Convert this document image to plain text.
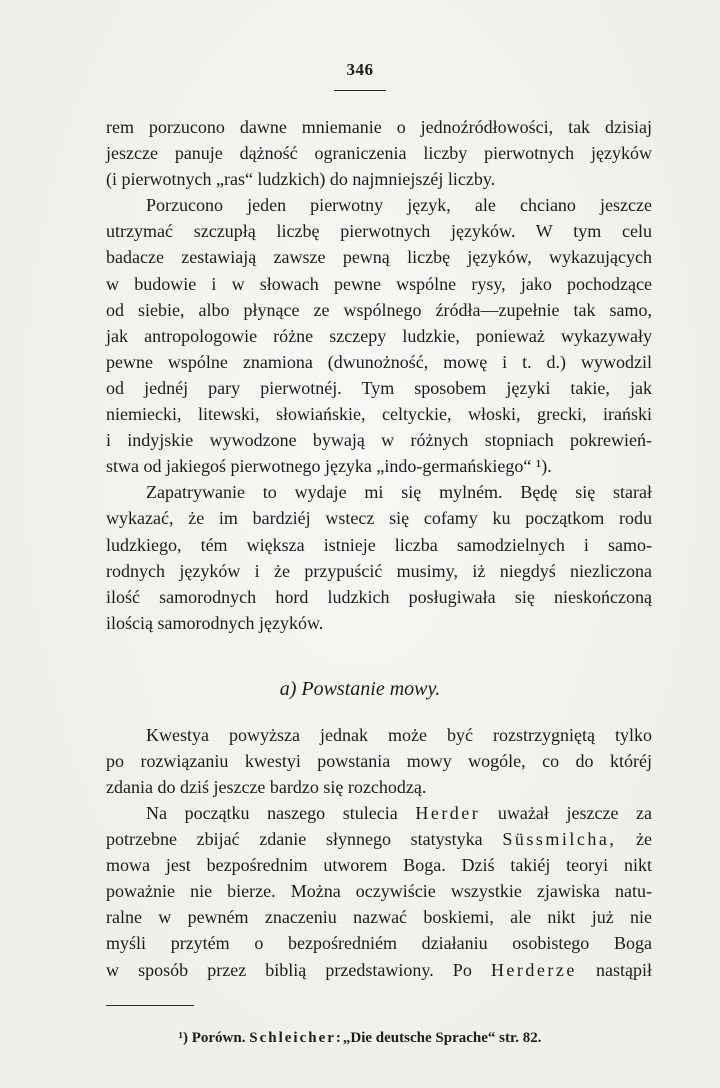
346
rem porzucono dawne mniemanie o jednoźródłowości, tak dzisiaj
jeszcze panuje dążność ograniczenia liczby pierwotnych języków
(i pierwotnych „ras“ ludzkich) do najmniejszéj liczby.
Porzucono jeden pierwotny język, ale chciano jeszcze
utrzymać szczupłą liczbę pierwotnych języków. W tym celu
badacze zestawiają zawsze pewną liczbę języków, wykazujących
w budowie i w słowach pewne wspólne rysy, jako pochodzące
od siebie, albo płynące ze wspólnego źródła—zupełnie tak samo,
jak antropologowie różne szczepy ludzkie, ponieważ wykazywały
pewne wspólne znamiona (dwunożność, mowę i t. d.) wywodzil
od jednéj pary pierwotnéj. Tym sposobem języki takie, jak
niemiecki, litewski, słowiańskie, celtyckie, włoski, grecki, irański
i indyjskie wywodzone bywają w różnych stopniach pokrewień-
stwa od jakiegoś pierwotnego języka „indo-germańskiego“ ¹).
Zapatrywanie to wydaje mi się mylném. Będę się starał
wykazać, że im bardziéj wstecz się cofamy ku początkom rodu
ludzkiego, tém większa istnieje liczba samodzielnych i samo-
rodnych języków i że przypuścić musimy, iż niegdyś niezliczona
ilość samorodnych hord ludzkich posługiwała się nieskończoną
ilością samorodnych języków.
a) Powstanie mowy.
Kwestya powyższa jednak może być rozstrzygniętą tylko
po rozwiązaniu kwestyi powstania mowy wogóle, co do któréj
zdania do dziś jeszcze bardzo się rozchodzą.
Na początku naszego stulecia Herder uważał jeszcze za
potrzebne zbijać zdanie słynnego statystyka Süssmilcha, że
mowa jest bezpośrednim utworem Boga. Dziś takiéj teoryi nikt
poważnie nie bierze. Można oczywiście wszystkie zjawiska natu-
ralne w pewném znaczeniu nazwać boskiemi, ale nikt już nie
myśli przytém o bezpośredniém działaniu osobistego Boga
w sposób przez biblią przedstawiony. Po Herderze nastąpił
¹) Porówn. Schleicher:„Die deutsche Sprache“ str. 82.
